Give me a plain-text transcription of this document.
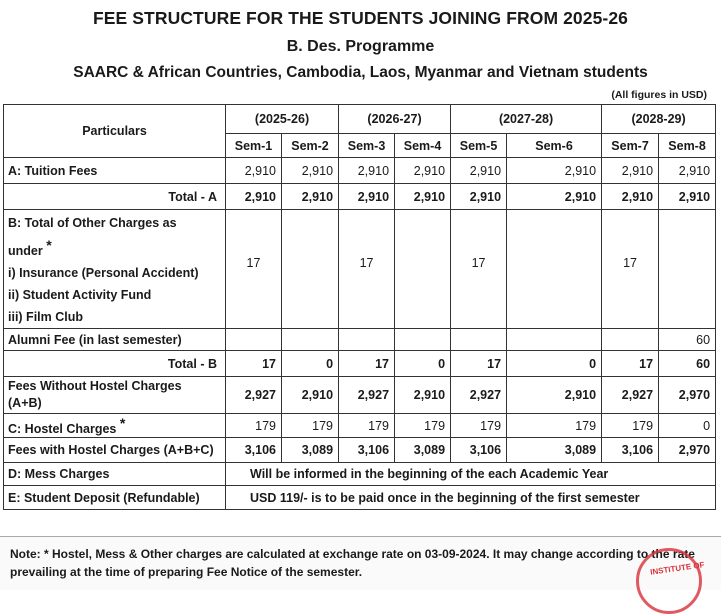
FEE STRUCTURE FOR THE STUDENTS JOINING FROM 2025-26
B. Des. Programme
SAARC & African Countries, Cambodia, Laos, Myanmar and Vietnam students
(All figures in USD)
Particulars	(2025-26)		(2026-27)		(2027-28)		(2028-29)	
	Sem-1	Sem-2	Sem-3	Sem-4	Sem-5	Sem-6	Sem-7	Sem-8
A: Tuition Fees	2,910	2,910	2,910	2,910	2,910	2,910	2,910	2,910
Total - A	2,910	2,910	2,910	2,910	2,910	2,910	2,910	2,910

B: Total of Other Charges as
under *
i) Insurance (Personal Accident)
ii) Student Activity Fund
iii) Film Club	17		17		17		17	
Alumni Fee (in last semester)								60
Total - B	17	0	17	0	17	0	17	60

Fees Without Hostel Charges
(A+B)	2,927	2,910	2,927	2,910	2,927	2,910	2,927	2,970
C: Hostel Charges *	179	179	179	179	179	179	179	0
Fees with Hostel Charges (A+B+C)	3,106	3,089	3,106	3,089	3,106	3,089	3,106	2,970
D: Mess Charges	Will be informed in the beginning of the each Academic Year							
E: Student Deposit (Refundable)	USD 119/- is to be paid once in the beginning of the first semester							
Note: * Hostel, Mess & Other charges are calculated at exchange rate on 03-09-2024. It may change according to the rate prevailing at the time of preparing Fee Notice of the semester.	INSTITUTE OF
